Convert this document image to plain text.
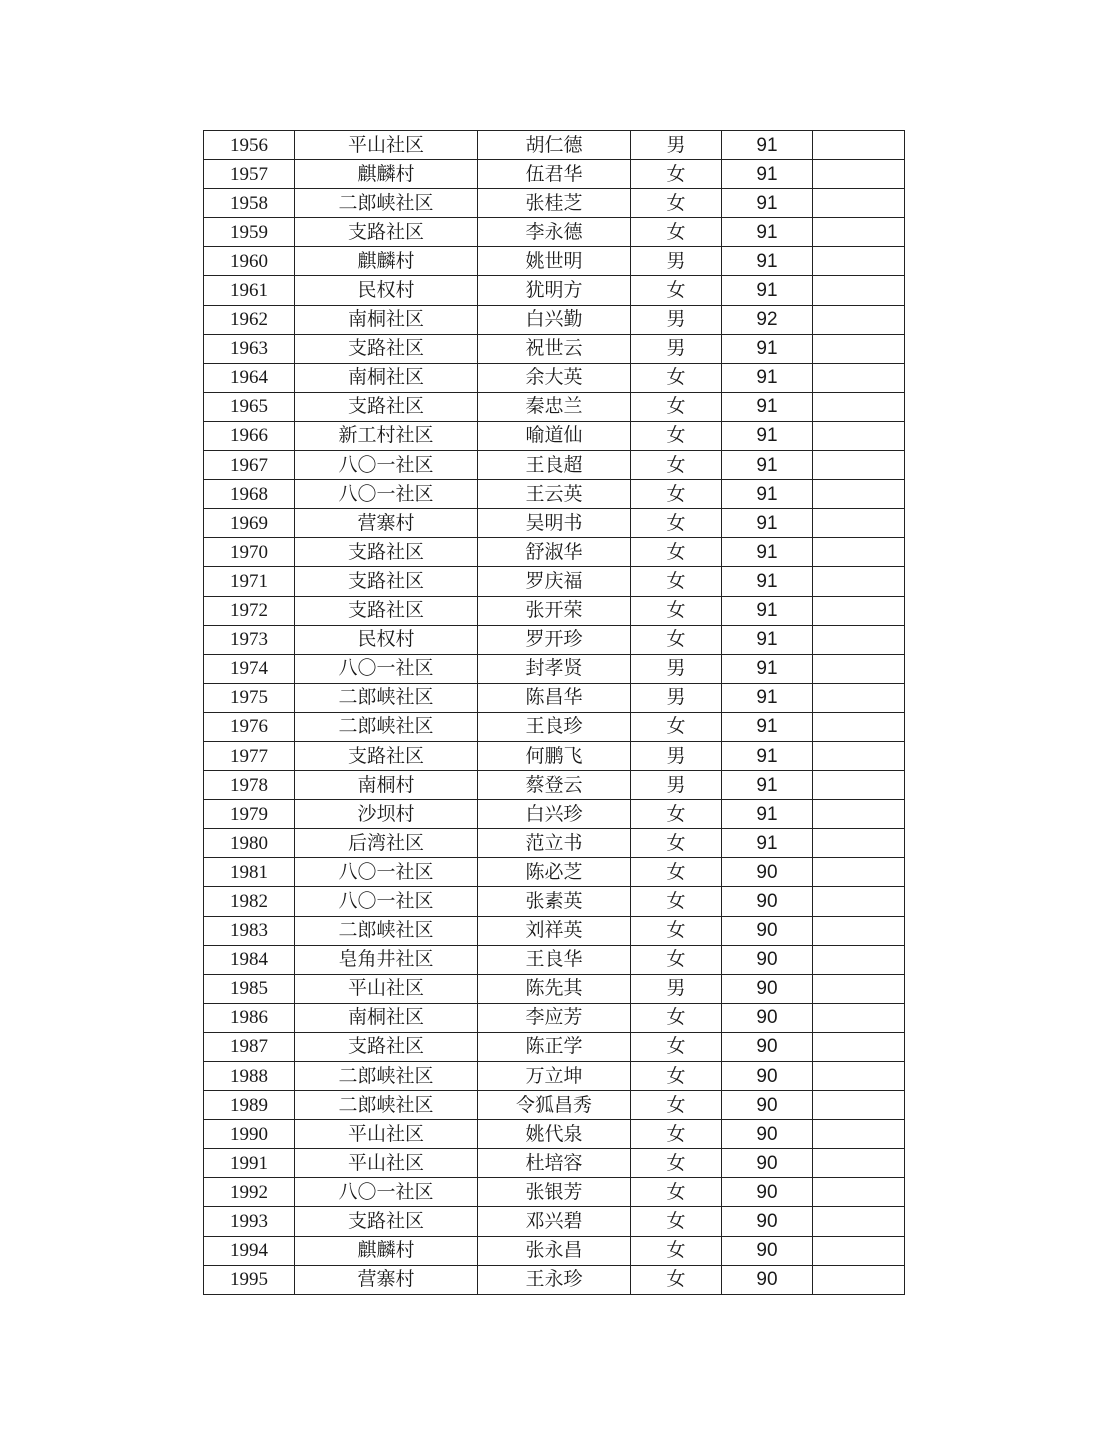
1956	平山社区	胡仁德	男	91	
1957	麒麟村	伍君华	女	91	
1958	二郎峡社区	张桂芝	女	91	
1959	支路社区	李永德	女	91	
1960	麒麟村	姚世明	男	91	
1961	民权村	犹明方	女	91	
1962	南桐社区	白兴勤	男	92	
1963	支路社区	祝世云	男	91	
1964	南桐社区	余大英	女	91	
1965	支路社区	秦忠兰	女	91	
1966	新工村社区	喻道仙	女	91	
1967	八〇一社区	王良超	女	91	
1968	八〇一社区	王云英	女	91	
1969	营寨村	吴明书	女	91	
1970	支路社区	舒淑华	女	91	
1971	支路社区	罗庆福	女	91	
1972	支路社区	张开荣	女	91	
1973	民权村	罗开珍	女	91	
1974	八〇一社区	封孝贤	男	91	
1975	二郎峡社区	陈昌华	男	91	
1976	二郎峡社区	王良珍	女	91	
1977	支路社区	何鹏飞	男	91	
1978	南桐村	蔡登云	男	91	
1979	沙坝村	白兴珍	女	91	
1980	后湾社区	范立书	女	91	
1981	八〇一社区	陈必芝	女	90	
1982	八〇一社区	张素英	女	90	
1983	二郎峡社区	刘祥英	女	90	
1984	皂角井社区	王良华	女	90	
1985	平山社区	陈先其	男	90	
1986	南桐社区	李应芳	女	90	
1987	支路社区	陈正学	女	90	
1988	二郎峡社区	万立坤	女	90	
1989	二郎峡社区	令狐昌秀	女	90	
1990	平山社区	姚代泉	女	90	
1991	平山社区	杜培容	女	90	
1992	八〇一社区	张银芳	女	90	
1993	支路社区	邓兴碧	女	90	
1994	麒麟村	张永昌	女	90	
1995	营寨村	王永珍	女	90	
